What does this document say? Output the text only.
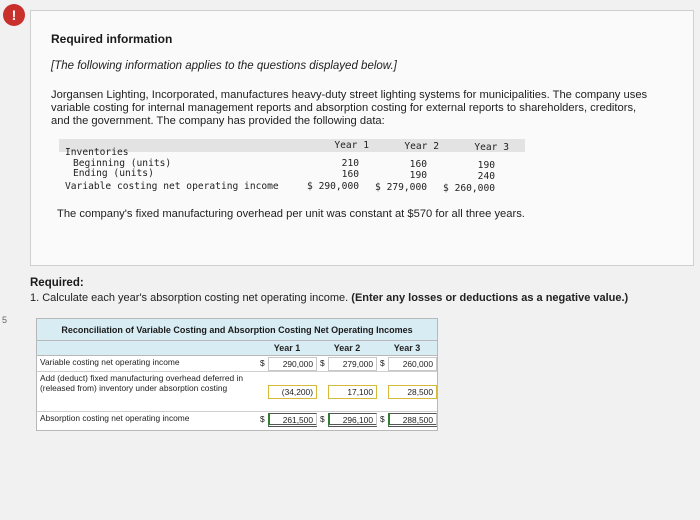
!
5
Required information
[The following information applies to the questions displayed below.]
Jorgansen Lighting, Incorporated, manufactures heavy-duty street lighting systems for municipalities. The company uses variable costing for internal management reports and absorption costing for external reports to shareholders, creditors, and the government. The company has provided the following data:
Year 1	Year 2	Year 3
Inventories
Beginning (units)	210	160	190
Ending (units)	160	190	240
Variable costing net operating income	$ 290,000	$ 279,000	$ 260,000
The company's fixed manufacturing overhead per unit was constant at $570 for all three years.
Required:
1. Calculate each year's absorption costing net operating income. (Enter any losses or deductions as a negative value.)
Reconciliation of Variable Costing and Absorption Costing Net Operating Incomes
Year 1	Year 2	Year 3
Variable costing net operating income	$	290,000 $	279,000 $	260,000
Add (deduct) fixed manufacturing overhead deferred in (released from) inventory under absorption costing	(34,200)	17,100	28,500
Absorption costing net operating income	$	261,500 $	296,100 $	288,500
